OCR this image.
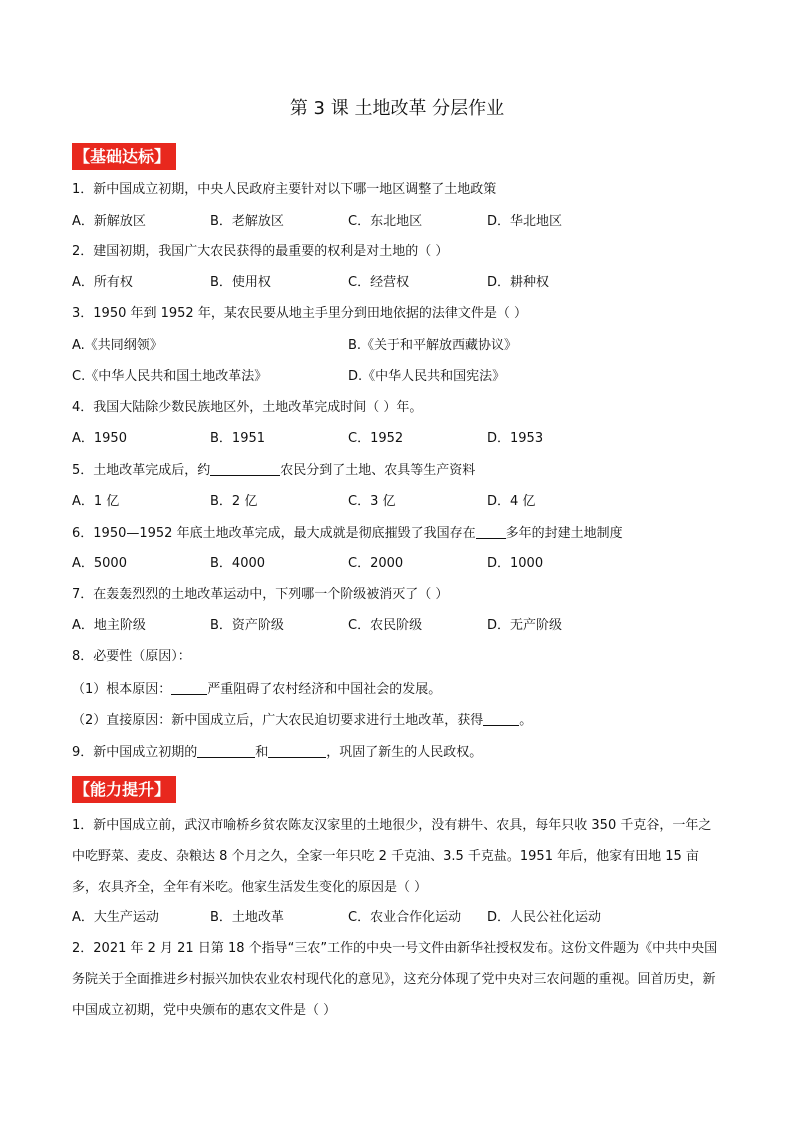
第 3 课 土地改革 分层作业
【基础达标】
1．新中国成立初期，中央人民政府主要针对以下哪一地区调整了土地政策
A．新解放区	B．老解放区	C．东北地区	D．华北地区
2．建国初期，我国广大农民获得的最重要的权利是对土地的（ ）
A．所有权	B．使用权	C．经营权	D．耕种权
3．1950 年到 1952 年，某农民要从地主手里分到田地依据的法律文件是（ ）
A.《共同纲领》	B.《关于和平解放西藏协议》
C.《中华人民共和国土地改革法》	D.《中华人民共和国宪法》
4．我国大陆除少数民族地区外，土地改革完成时间（ ）年。
A．1950	B．1951	C．1952	D．1953
5．土地改革完成后，约	农民分到了土地、农具等生产资料
A．1 亿	B．2 亿	C．3 亿	D．4 亿
6．1950—1952 年底土地改革完成，最大成就是彻底摧毁了我国存在 多年的封建土地制度
A．5000	B．4000	C．2000	D．1000
7．在轰轰烈烈的土地改革运动中，下列哪一个阶级被消灭了（ ）
A．地主阶级	B．资产阶级	C．农民阶级	D．无产阶级
8．必要性（原因）：
（1）根本原因：	严重阻碍了农村经济和中国社会的发展。
（2）直接原因：新中国成立后，广大农民迫切要求进行土地改革，获得	。
9．新中国成立初期的	和	，巩固了新生的人民政权。
【能力提升】
1．新中国成立前，武汉市喻桥乡贫农陈友汉家里的土地很少，没有耕牛、农具，每年只收 350 千克谷，一年之中吃野菜、麦皮、杂粮达 8 个月之久，全家一年只吃 2 千克油、3.5 千克盐。1951 年后，他家有田地 15 亩多，农具齐全，全年有米吃。他家生活发生变化的原因是（ ）
A．大生产运动	B．土地改革	C．农业合作化运动 D．人民公社化运动
2．2021 年 2 月 21 日第 18 个指导“三农”工作的中央一号文件由新华社授权发布。这份文件题为《中共中央国务院关于全面推进乡村振兴加快农业农村现代化的意见》，这充分体现了党中央对三农问题的重视。回首历史，新中国成立初期，党中央颁布的惠农文件是（ ）
